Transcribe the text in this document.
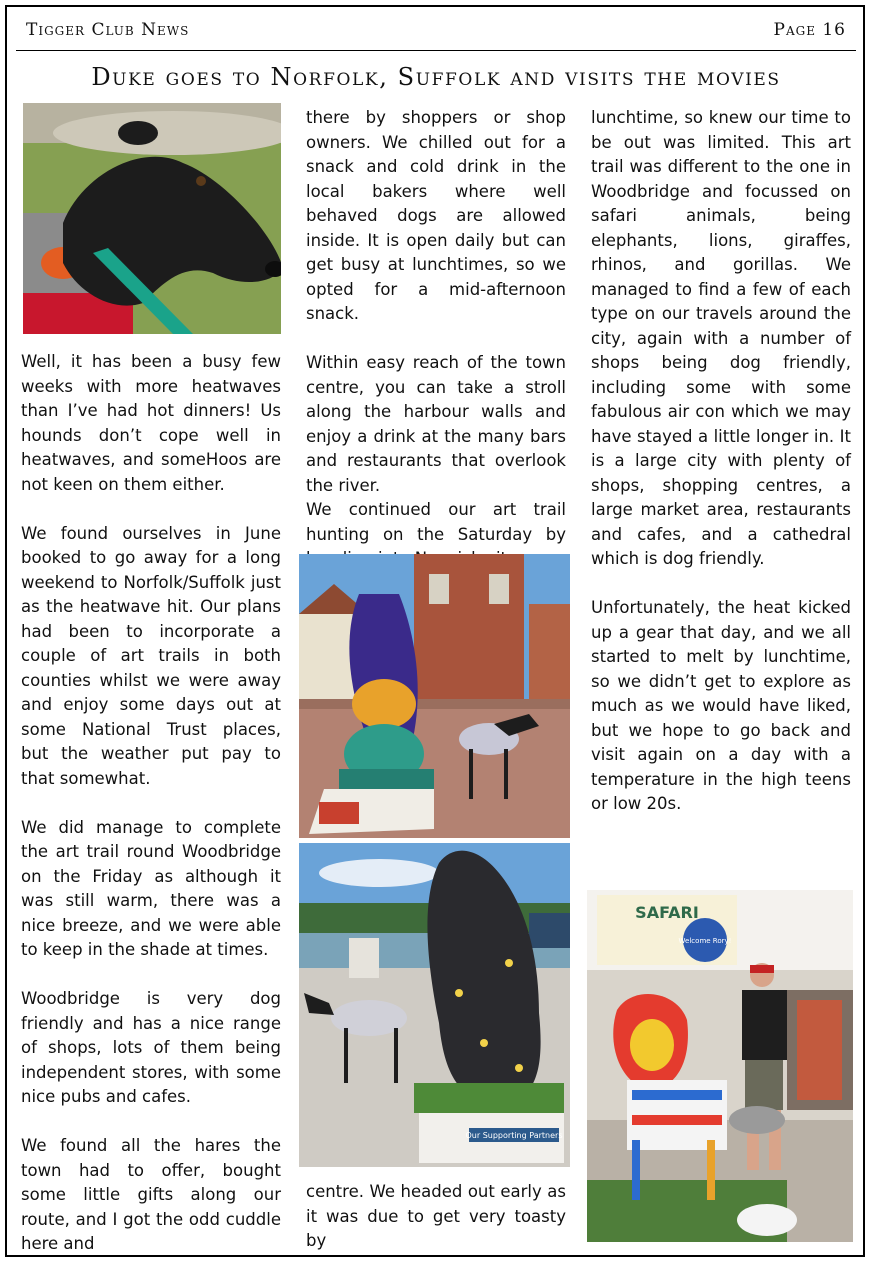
Tigger Club News	Page 16
Duke goes to Norfolk, Suffolk and visits the movies

Well, it has been a busy few weeks with more heatwaves than I’ve had hot dinners! Us hounds don’t cope well in heatwaves, and someHoos are not keen on them either.

We found ourselves in June booked to go away for a long weekend to Norfolk/Suffolk just as the heatwave hit. Our plans had been to incorporate a couple of art trails in both counties whilst we were away and enjoy some days out at some National Trust places, but the weather put pay to that somewhat.

We did manage to complete the art trail round Woodbridge on the Friday as although it was still warm, there was a nice breeze, and we were able to keep in the shade at times.

Woodbridge is very dog friendly and has a nice range of shops, lots of them being independent stores, with some nice pubs and cafes.

We found all the hares the town had to offer, bought some little gifts along our route, and I got the odd cuddle here and

there by shoppers or shop owners. We chilled out for a snack and cold drink in the local bakers where well behaved dogs are allowed inside. It is open daily but can get busy at lunchtimes, so we opted for a mid-afternoon snack.

Within easy reach of the town centre, you can take a stroll along the harbour walls and enjoy a drink at the many bars and restaurants that overlook the river.

We continued our art trail hunting on the Saturday by

Our Supporting Partners

centre. We headed out early as it was due to get very toasty by

lunchtime, so knew our time to be out was limited. This art trail was different to the one in Woodbridge and focussed on safari animals, being elephants, lions, giraffes, rhinos, and gorillas. We managed to find a few of each type on our travels around the city, again with a number of shops being dog friendly, including some with some fabulous air con which we may have stayed a little longer in. It is a large city with plenty of shops, shopping centres, a large market area, restaurants and cafes, and a cathedral which is dog friendly.

Unfortunately, the heat kicked up a gear that day, and we all started to melt by lunchtime, so we didn’t get to explore as much as we would have liked, but we hope to go back and visit again on a day with a temperature in the high teens or low 20s.

SAFARI
Welcome Rory!
